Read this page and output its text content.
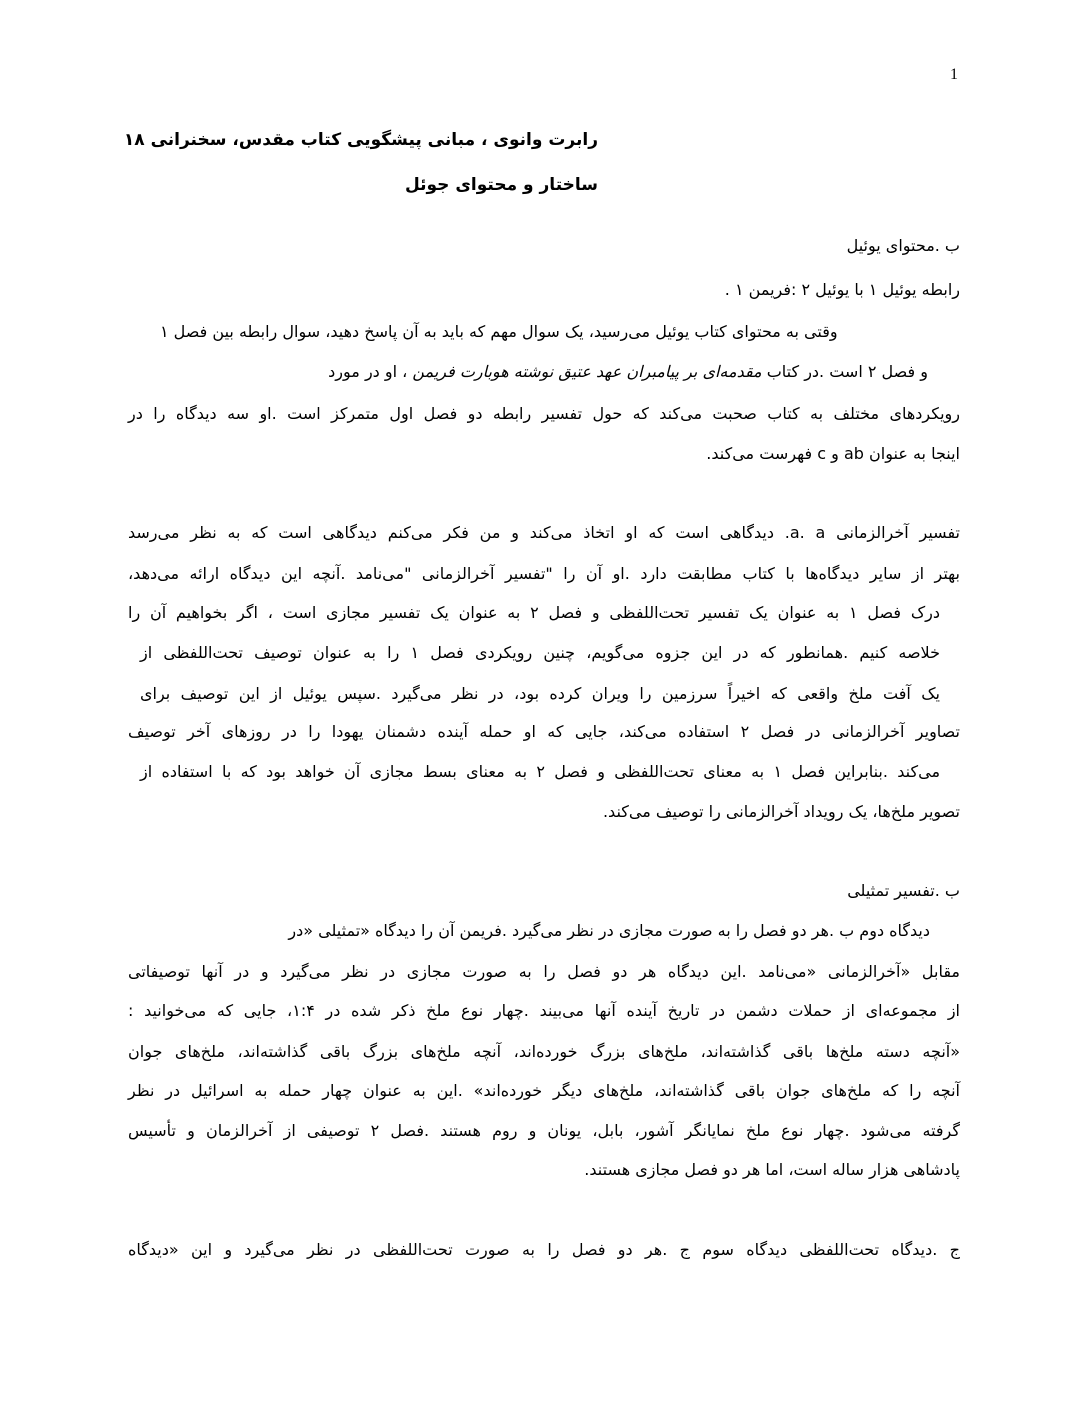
1
رابرت وانوی ، مبانی پیشگویی کتاب مقدس، سخنرانی ۱۸
ساختار و محتوای جوئل
ب .محتوای یوئیل
رابطه یوئیل ۱ با یوئیل ۲ :فریمن ۱ .
وقتی به محتوای کتاب یوئیل می‌رسید، یک سوال مهم که باید به آن پاسخ دهید، سوال رابطه بین فصل ۱
و فصل ۲ است .در کتاب مقدمه‌ای بر پیامبران عهد عتیق نوشته هوبارت فریمن ، او در مورد
رویکردهای مختلف به کتاب صحبت می‌کند که حول تفسیر رابطه دو فصل اول متمرکز است .او سه دیدگاه را در
اینجا به عنوان ab و c فهرست می‌کند.
تفسیر آخرالزمانی a. a. دیدگاهی است که او اتخاذ می‌کند و من فکر می‌کنم دیدگاهی است که به نظر می‌رسد
بهتر از سایر دیدگاه‌ها با کتاب مطابقت دارد .او آن را "تفسیر آخرالزمانی "می‌نامد .آنچه این دیدگاه ارائه می‌دهد،
درک فصل ۱ به عنوان یک تفسیر تحت‌اللفظی و فصل ۲ به عنوان یک تفسیر مجازی است ، اگر بخواهیم آن را
خلاصه کنیم .همانطور که در این جزوه می‌گویم، چنین رویکردی فصل ۱ را به عنوان توصیف تحت‌اللفظی از
یک آفت ملخ واقعی که اخیراً سرزمین را ویران کرده بود، در نظر می‌گیرد .سپس یوئیل از این توصیف برای
تصاویر آخرالزمانی در فصل ۲ استفاده می‌کند، جایی که او حمله آینده دشمنان یهودا را در روزهای آخر توصیف
می‌کند .بنابراین فصل ۱ به معنای تحت‌اللفظی و فصل ۲ به معنای بسط مجازی آن خواهد بود که با استفاده از
تصویر ملخ‌ها، یک رویداد آخرالزمانی را توصیف می‌کند.
ب .تفسیر تمثیلی
دیدگاه دوم ب .هر دو فصل را به صورت مجازی در نظر می‌گیرد .فریمن آن را دیدگاه «تمثیلی «در
مقابل «آخرالزمانی «می‌نامد .این دیدگاه هر دو فصل را به صورت مجازی در نظر می‌گیرد و در آنها توصیفاتی
از مجموعه‌ای از حملات دشمن در تاریخ آینده آنها می‌بیند .چهار نوع ملخ ذکر شده در ۱:۴، جایی که می‌خوانید :
«آنچه دسته ملخ‌ها باقی گذاشته‌اند، ملخ‌های بزرگ خورده‌اند، آنچه ملخ‌های بزرگ باقی گذاشته‌اند، ملخ‌های جوان
آنچه را که ملخ‌های جوان باقی گذاشته‌اند، ملخ‌های دیگر خورده‌اند» .این به عنوان چهار حمله به اسرائیل در نظر
گرفته می‌شود .چهار نوع ملخ نمایانگر آشور، بابل، یونان و روم هستند .فصل ۲ توصیفی از آخرالزمان و تأسیس
پادشاهی هزار ساله است، اما هر دو فصل مجازی هستند.
ج .دیدگاه تحت‌اللفظی دیدگاه سوم ج .هر دو فصل را به صورت تحت‌اللفظی در نظر می‌گیرد و این «دیدگاه
